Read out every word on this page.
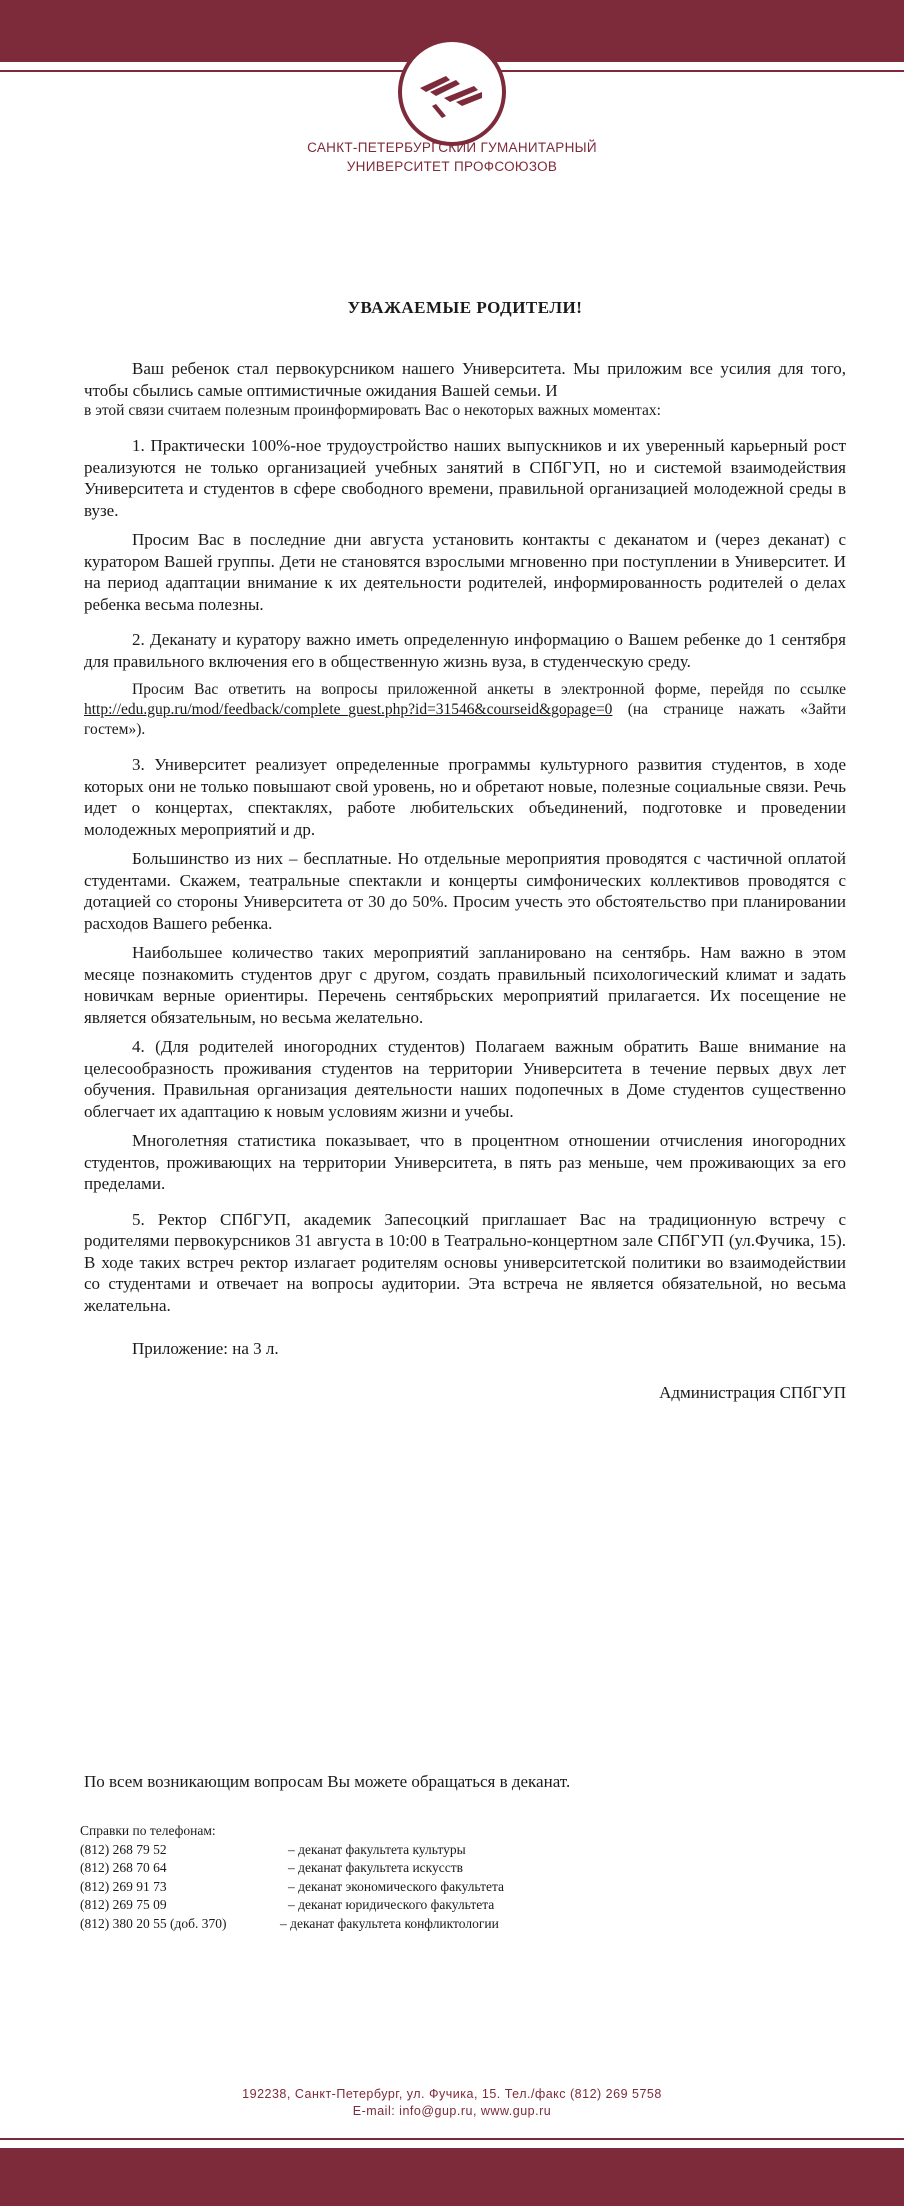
САНКТ-ПЕТЕРБУРГСКИЙ ГУМАНИТАРНЫЙ
УНИВЕРСИТЕТ ПРОФСОЮЗОВ
УВАЖАЕМЫЕ РОДИТЕЛИ!

Ваш ребенок стал первокурсником нашего Университета. Мы приложим все усилия для того, чтобы сбылись самые оптимистичные ожидания Вашей семьи. И

в этой связи считаем полезным проинформировать Вас о некоторых важных моментах:

1. Практически 100%-ное трудоустройство наших выпускников и их уверенный карьерный рост реализуются не только организацией учебных занятий в СПбГУП, но и системой взаимодействия Университета и студентов в сфере свободного времени, правильной организацией молодежной среды в вузе.

Просим Вас в последние дни августа установить контакты с деканатом и (через деканат) с куратором Вашей группы. Дети не становятся взрослыми мгновенно при поступлении в Университет. И на период адаптации внимание к их деятельности родителей, информированность родителей о делах ребенка весьма полезны.

2. Деканату и куратору важно иметь определенную информацию о Вашем ребенке до 1 сентября для правильного включения его в общественную жизнь вуза, в студенческую среду.

Просим Вас ответить на вопросы приложенной анкеты в электронной форме, перейдя по ссылке http://edu.gup.ru/mod/feedback/complete_guest.php?id=31546&courseid&gopage=0 (на странице нажать «Зайти гостем»).

3. Университет реализует определенные программы культурного развития студентов, в ходе которых они не только повышают свой уровень, но и обретают новые, полезные социальные связи. Речь идет о концертах, спектаклях, работе любительских объединений, подготовке и проведении молодежных мероприятий и др.

Большинство из них – бесплатные. Но отдельные мероприятия проводятся с частичной оплатой студентами. Скажем, театральные спектакли и концерты симфонических коллективов проводятся с дотацией со стороны Университета от 30 до 50%. Просим учесть это обстоятельство при планировании расходов Вашего ребенка.

Наибольшее количество таких мероприятий запланировано на сентябрь. Нам важно в этом месяце познакомить студентов друг с другом, создать правильный психологический климат и задать новичкам верные ориентиры. Перечень сентябрьских мероприятий прилагается. Их посещение не является обязательным, но весьма желательно.

4. (Для родителей иногородних студентов) Полагаем важным обратить Ваше внимание на целесообразность проживания студентов на территории Университета в течение первых двух лет обучения. Правильная организация деятельности наших подопечных в Доме студентов существенно облегчает их адаптацию к новым условиям жизни и учебы.

Многолетняя статистика показывает, что в процентном отношении отчисления иногородних студентов, проживающих на территории Университета, в пять раз меньше, чем проживающих за его пределами.

5. Ректор СПбГУП, академик Запесоцкий приглашает Вас на традиционную встречу с родителями первокурсников 31 августа в 10:00 в Театрально-концертном зале СПбГУП (ул.Фучика, 15). В ходе таких встреч ректор излагает родителям основы университетской политики во взаимодействии со студентами и отвечает на вопросы аудитории. Эта встреча не является обязательной, но весьма желательна.

Приложение: на 3 л.

Администрация СПбГУП
По всем возникающим вопросам Вы можете обращаться в деканат.
Справки по телефонам:
(812) 268 79 52	– деканат факультета культуры
(812) 268 70 64	– деканат факультета искусств
(812) 269 91 73	– деканат экономического факультета
(812) 269 75 09	– деканат юридического факультета
(812) 380 20 55 (доб. 370)	– деканат факультета конфликтологии
192238, Санкт-Петербург, ул. Фучика, 15. Тел./факс (812) 269 5758
E-mail: info@gup.ru, www.gup.ru
